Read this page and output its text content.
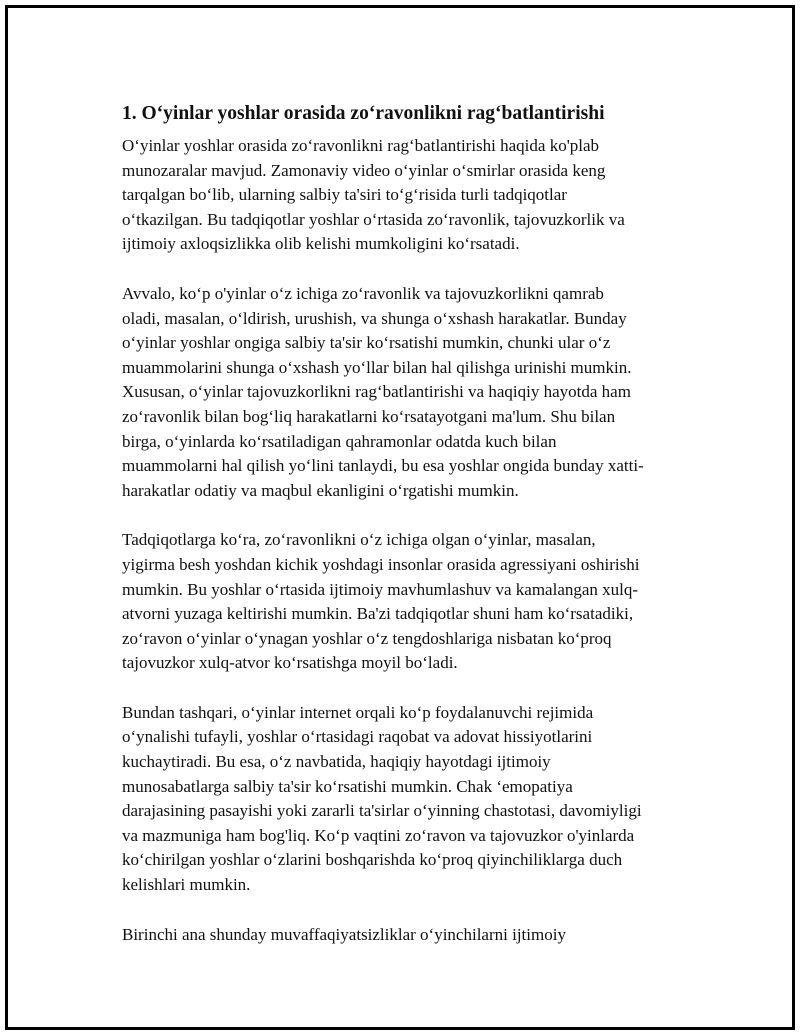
1. O‘yinlar yoshlar orasida zo‘ravonlikni rag‘batlantirishi

O‘yinlar yoshlar orasida zo‘ravonlikni rag‘batlantirishi haqida ko'plab
munozaralar mavjud. Zamonaviy video o‘yinlar o‘smirlar orasida keng
tarqalgan bo‘lib, ularning salbiy ta'siri to‘g‘risida turli tadqiqotlar
o‘tkazilgan. Bu tadqiqotlar yoshlar o‘rtasida zo‘ravonlik, tajovuzkorlik va
ijtimoiy axloqsizlikka olib kelishi mumkoligini ko‘rsatadi.

Avvalo, ko‘p o'yinlar o‘z ichiga zo‘ravonlik va tajovuzkorlikni qamrab
oladi, masalan, o‘ldirish, urushish, va shunga o‘xshash harakatlar. Bunday
o‘yinlar yoshlar ongiga salbiy ta'sir ko‘rsatishi mumkin, chunki ular o‘z
muammolarini shunga o‘xshash yo‘llar bilan hal qilishga urinishi mumkin.
Xususan, o‘yinlar tajovuzkorlikni rag‘batlantirishi va haqiqiy hayotda ham
zo‘ravonlik bilan bog‘liq harakatlarni ko‘rsatayotgani ma'lum. Shu bilan
birga, o‘yinlarda ko‘rsatiladigan qahramonlar odatda kuch bilan
muammolarni hal qilish yo‘lini tanlaydi, bu esa yoshlar ongida bunday xatti-
harakatlar odatiy va maqbul ekanligini o‘rgatishi mumkin.

Tadqiqotlarga ko‘ra, zo‘ravonlikni o‘z ichiga olgan o‘yinlar, masalan,
yigirma besh yoshdan kichik yoshdagi insonlar orasida agressiyani oshirishi
mumkin. Bu yoshlar o‘rtasida ijtimoiy mavhumlashuv va kamalangan xulq-
atvorni yuzaga keltirishi mumkin. Ba'zi tadqiqotlar shuni ham ko‘rsatadiki,
zo‘ravon o‘yinlar o‘ynagan yoshlar o‘z tengdoshlariga nisbatan ko‘proq
tajovuzkor xulq-atvor ko‘rsatishga moyil bo‘ladi.

Bundan tashqari, o‘yinlar internet orqali ko‘p foydalanuvchi rejimida
o‘ynalishi tufayli, yoshlar o‘rtasidagi raqobat va adovat hissiyotlarini
kuchaytiradi. Bu esa, o‘z navbatida, haqiqiy hayotdagi ijtimoiy
munosabatlarga salbiy ta'sir ko‘rsatishi mumkin. Chak ‘emopatiya
darajasining pasayishi yoki zararli ta'sirlar o‘yinning chastotasi, davomiyligi
va mazmuniga ham bog'liq. Ko‘p vaqtini zo‘ravon va tajovuzkor o'yinlarda
ko‘chirilgan yoshlar o‘zlarini boshqarishda ko‘proq qiyinchiliklarga duch
kelishlari mumkin.

Birinchi ana shunday muvaffaqiyatsizliklar o‘yinchilarni ijtimoiy
